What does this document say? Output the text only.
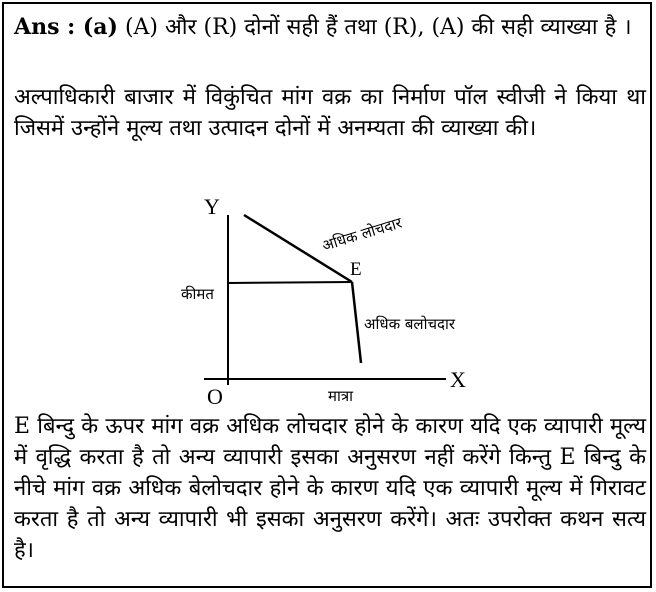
Ans : (a) (A) और (R) दोनों सही हैं तथा (R), (A) की सही व्याख्या है ।
अल्पाधिकारी बाजार में विकुंचित मांग वक्र का निर्माण पॉल स्वीजी ने किया था जिसमें उन्होंने मूल्य तथा उत्पादन दोनों में अनम्यता की व्याख्या की।
Y
X
O
कीमत
मात्रा
E
अधिक लोचदार
अधिक बलोचदार
E बिन्दु के ऊपर मांग वक्र अधिक लोचदार होने के कारण यदि एक व्यापारी मूल्य में वृद्धि करता है तो अन्य व्यापारी इसका अनुसरण नहीं करेंगे किन्तु E बिन्दु के नीचे मांग वक्र अधिक बेलोचदार होने के कारण यदि एक व्यापारी मूल्य में गिरावट करता है तो अन्य व्यापारी भी इसका अनुसरण करेंगे। अतः उपरोक्त कथन सत्य है।
